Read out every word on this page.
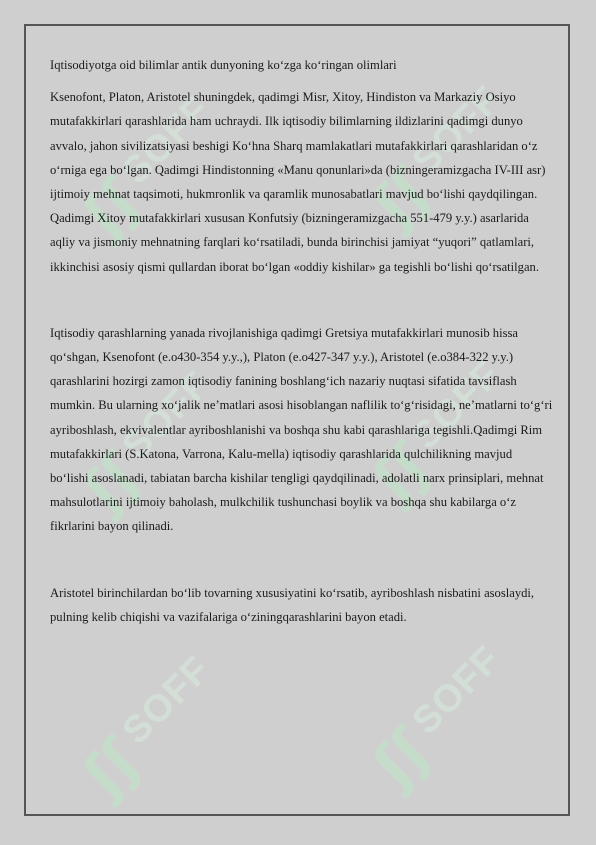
ʃʃ
SOFF
ʃʃ
SOFF
ʃʃ
SOFF
ʃʃ
SOFF
ʃʃ
SOFF
ʃʃ
SOFF

Iqtisodiyotga oid bilimlar antik dunyoning ko‘zga ko‘ringan olimlari

Ksenofont, Platon, Aristotel shuningdek, qadimgi Misr, Xitoy, Hindiston va Markaziy Osiyo mutafakkirlari qarashlarida ham uchraydi. Ilk iqtisodiy bilimlarning ildizlarini qadimgi dunyo avvalo, jahon sivilizatsiyasi beshigi Ko‘hna Sharq mamlakatlari mutafakkirlari qarashlaridan o‘z o‘rniga ega bo‘lgan. Qadimgi Hindistonning «Manu qonunlari»da (bizningeramizgacha IV-III asr) ijtimoiy mehnat taqsimoti, hukmronlik va qaramlik munosabatlari mavjud bo‘lishi qaydqilingan. Qadimgi Xitoy mutafakkirlari xususan Konfutsiy (bizningeramizgacha 551-479 y.y.) asarlarida aqliy va jismoniy mehnatning farqlari ko‘rsatiladi, bunda birinchisi jamiyat “yuqori” qatlamlari, ikkinchisi asosiy qismi qullardan iborat bo‘lgan «oddiy kishilar» ga tegishli bo‘lishi qo‘rsatilgan.

Iqtisodiy qarashlarning yanada rivojlanishiga qadimgi Gretsiya mutafakkirlari munosib hissa qo‘shgan, Ksenofont (e.o430-354 y.y.,), Platon (e.o427-347 y.y.), Aristotel (e.o384-322 y.y.) qarashlarini hozirgi zamon iqtisodiy fanining boshlang‘ich nazariy nuqtasi sifatida tavsiflash mumkin. Bu ularning xo‘jalik ne’matlari asosi hisoblangan naflilik to‘g‘risidagi, ne’matlarni to‘g‘ri ayriboshlash, ekvivalentlar ayriboshlanishi va boshqa shu kabi qarashlariga tegishli.Qadimgi Rim mutafakkirlari (S.Katona, Varrona, Kalu-mella) iqtisodiy qarashlarida qulchilikning mavjud bo‘lishi asoslanadi, tabiatan barcha kishilar tengligi qaydqilinadi, adolatli narx prinsiplari, mehnat mahsulotlarini ijtimoiy baholash, mulkchilik tushunchasi boylik va boshqa shu kabilarga o‘z fikrlarini bayon qilinadi.

Aristotel birinchilardan bo‘lib tovarning xususiyatini ko‘rsatib, ayriboshlash nisbatini asoslaydi, pulning kelib chiqishi va vazifalariga o‘ziningqarashlarini bayon etadi.
